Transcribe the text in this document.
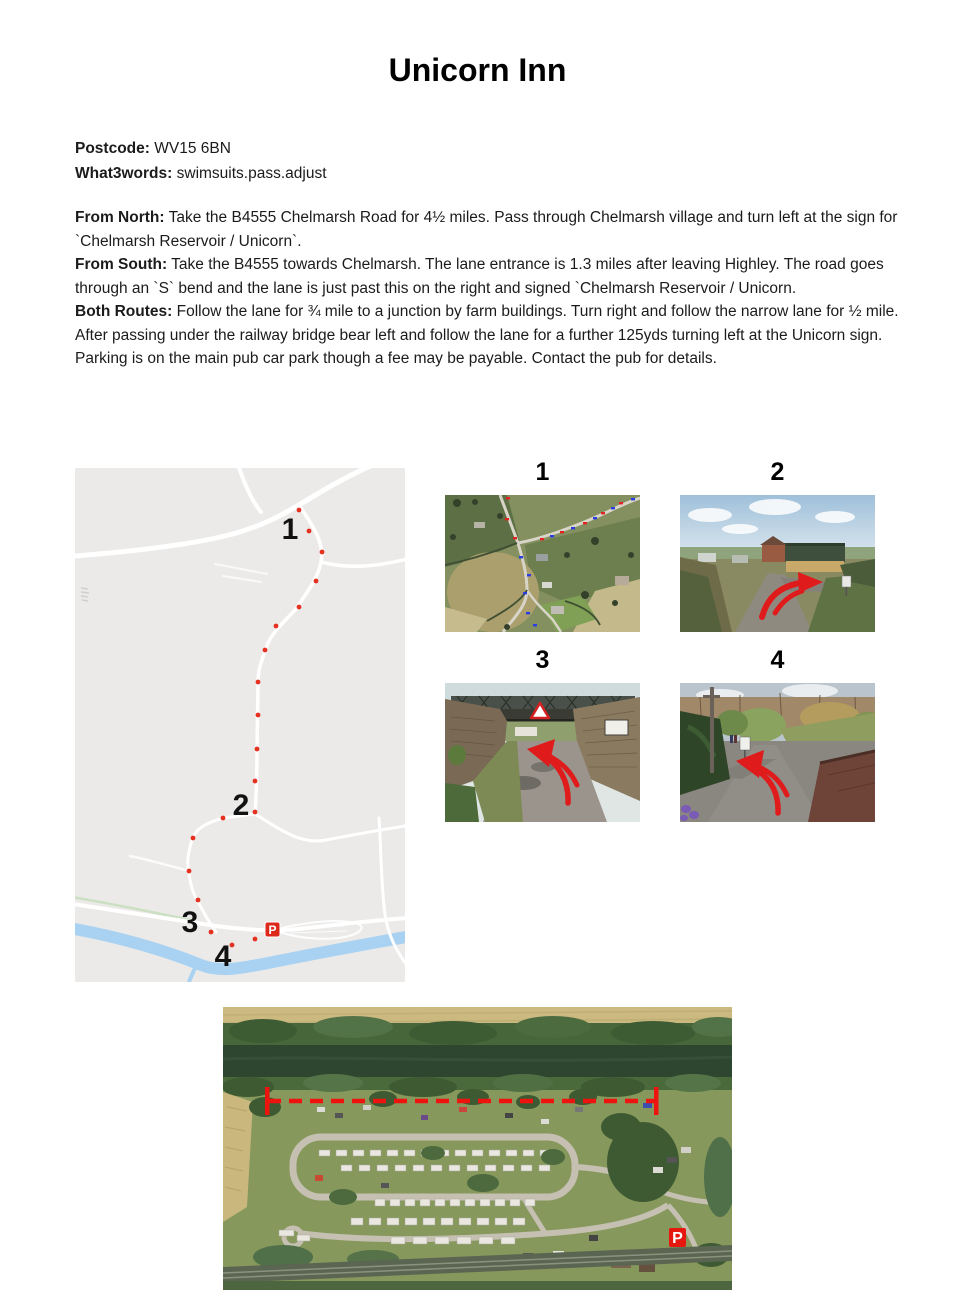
Unicorn Inn
Postcode: WV15 6BN
What3words: swimsuits.pass.adjust

From North: Take the B4555 Chelmarsh Road for 4½ miles. Pass through Chelmarsh village and turn left at the sign for `Chelmarsh Reservoir / Unicorn`.

From South: Take the B4555 towards Chelmarsh. The lane entrance is 1.3 miles after leaving Highley. The road goes through an `S` bend and the lane is just past this on the right and signed `Chelmarsh Reservoir / Unicorn.

Both Routes: Follow the lane for ¾ mile to a junction by farm buildings. Turn right and follow the narrow lane for ½ mile. After passing under the railway bridge bear left and follow the lane for a further 125yds turning left at the Unicorn sign. Parking is on the main pub car park though a fee may be payable. Contact the pub for details.

1
2
3
4
P
1	2
3	4
P
